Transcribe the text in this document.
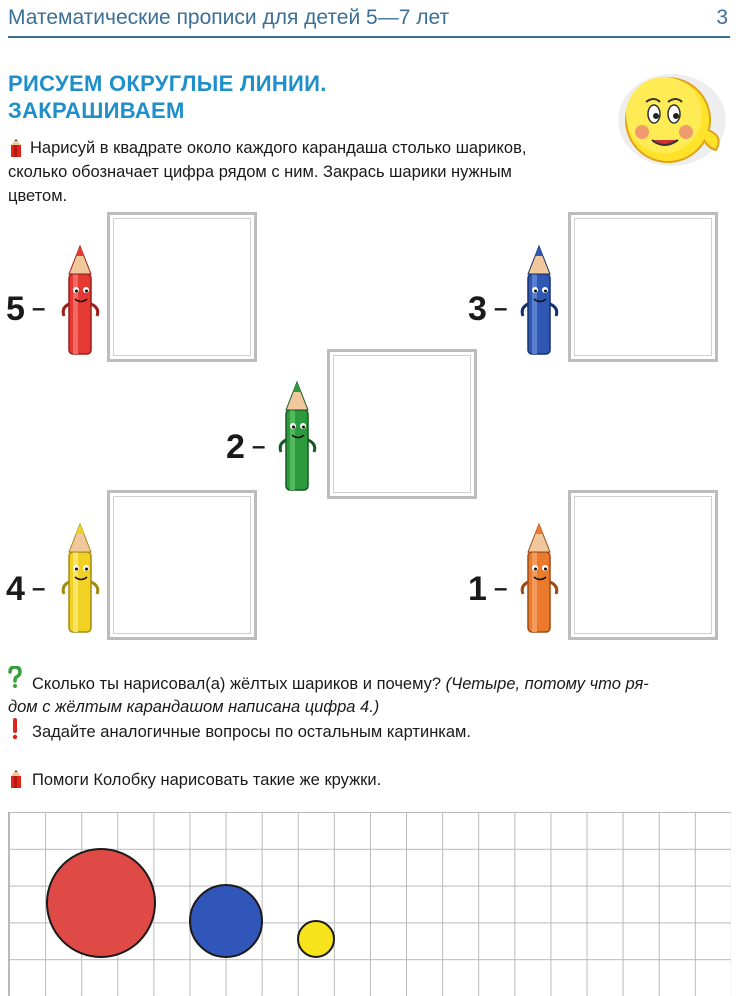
Математические прописи для детей 5—7 лет	3
РИСУЕМ ОКРУГЛЫЕ ЛИНИИ.
ЗАКРАШИВАЕМ
Нарисуй в квадрате около каждого карандаша столько шариков,
сколько обозначает цифра рядом с ним. Закрась шарики нужным
цветом.
5 –	3 –
2 –
4 –	1 –
Сколько ты нарисовал(а) жёлтых шариков и почему? (Четыре, потому что ря-
дом с жёлтым карандашом написана цифра 4.)
Задайте аналогичные вопросы по остальным картинкам.
Помоги Колобку нарисовать такие же кружки.
